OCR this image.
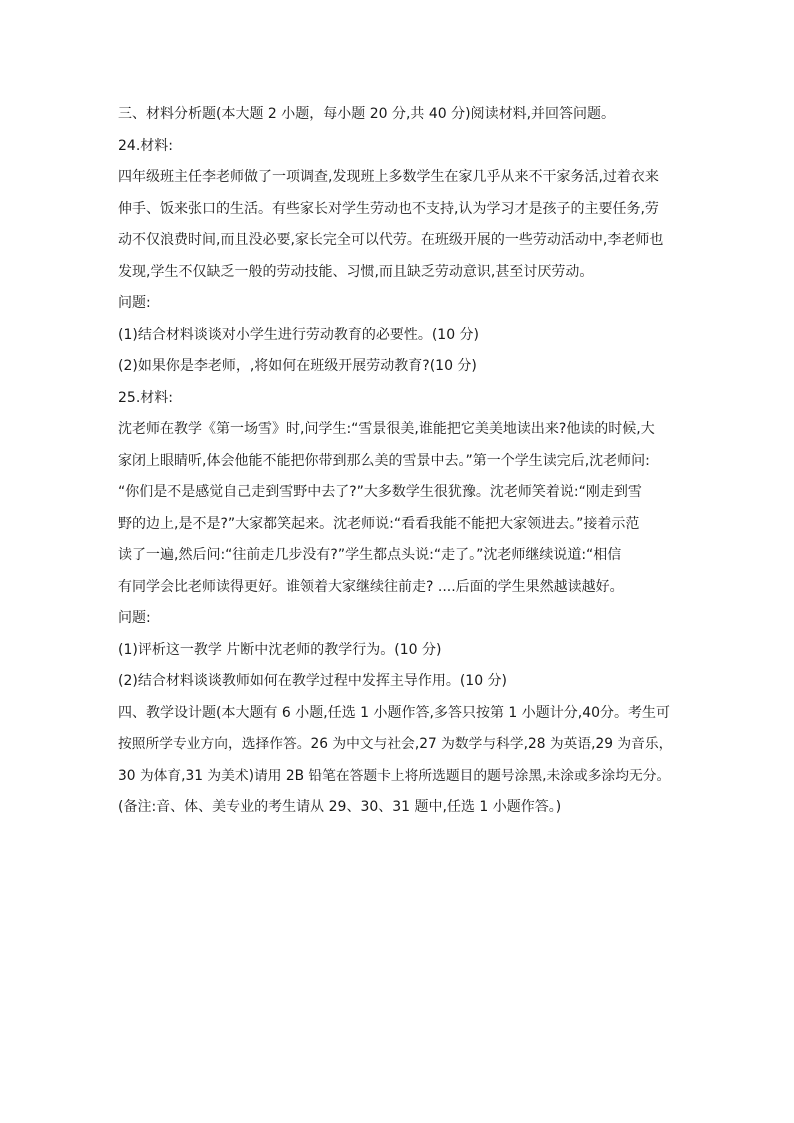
三、材料分析题(本大题 2 小题，每小题 20 分,共 40 分)阅读材料,并回答问题。
24.材料:
四年级班主任李老师做了一项调查,发现班上多数学生在家几乎从来不干家务活,过着衣来
伸手、饭来张口的生活。有些家长对学生劳动也不支持,认为学习才是孩子的主要任务,劳
动不仅浪费时间,而且没必要,家长完全可以代劳。在班级开展的一些劳动活动中,李老师也
发现,学生不仅缺乏一般的劳动技能、习惯,而且缺乏劳动意识,甚至讨厌劳动。
问题:
(1)结合材料谈谈对小学生进行劳动教育的必要性。(10 分)
(2)如果你是李老师，,将如何在班级开展劳动教育?(10 分)
25.材料:
沈老师在教学《第一场雪》时,问学生:“雪景很美,谁能把它美美地读出来?他读的时候,大
家闭上眼睛听,体会他能不能把你带到那么美的雪景中去。”第一个学生读完后,沈老师问:
“你们是不是感觉自己走到雪野中去了?”大多数学生很犹豫。沈老师笑着说:“刚走到雪
野的边上,是不是?”大家都笑起来。沈老师说:“看看我能不能把大家领进去。”接着示范
读了一遍,然后问:“往前走几步没有?”学生都点头说:“走了。”沈老师继续说道:“相信
有同学会比老师读得更好。谁领着大家继续往前走? ....后面的学生果然越读越好。
问题:
(1)评析这一教学 片断中沈老师的教学行为。(10 分)
(2)结合材料谈谈教师如何在教学过程中发挥主导作用。(10 分)
四、教学设计题(本大题有 6 小题,任选 1 小题作答,多答只按第 1 小题计分,40分。考生可
按照所学专业方向，选择作答。26 为中文与社会,27 为数学与科学,28 为英语,29 为音乐，
30 为体育,31 为美术)请用 2B 铅笔在答题卡上将所选题目的题号涂黑,未涂或多涂均无分。
(备注:音、体、美专业的考生请从 29、30、31 题中,任选 1 小题作答。)
